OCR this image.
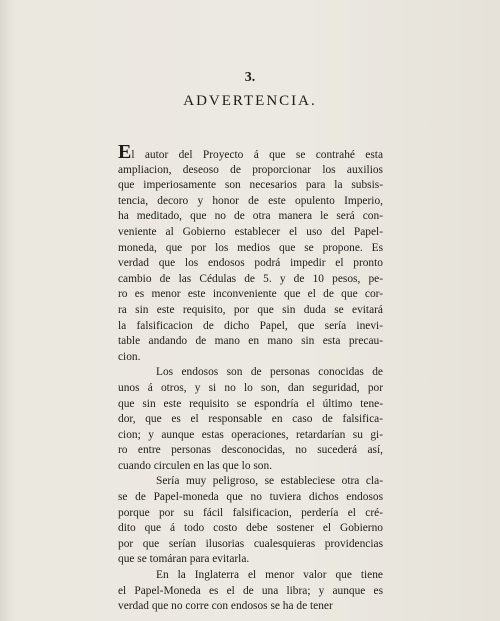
3.
ADVERTENCIA.
El autor del Proyecto á que se contrahé esta
ampliacion, deseoso de proporcionar los auxilios
que imperiosamente son necesarios para la subsis-
tencia, decoro y honor de este opulento Imperio,
ha meditado, que no de otra manera le será con-
veniente al Gobierno establecer el uso del Papel-
moneda, que por los medios que se propone. Es
verdad que los endosos podrá impedir el pronto
cambio de las Cédulas de 5. y de 10 pesos, pe-
ro es menor este inconveniente que el de que cor-
ra sin este requisito, por que sin duda se evitará
la falsificacion de dicho Papel, que sería inevi-
table andando de mano en mano sin esta precau-
cion.
Los endosos son de personas conocidas de
unos á otros, y si no lo son, dan seguridad, por
que sin este requisito se espondría el último tene-
dor, que es el responsable en caso de falsifica-
cion; y aunque estas operaciones, retardarían su gi-
ro entre personas desconocidas, no sucederá así,
cuando circulen en las que lo son.
Sería muy peligroso, se estableciese otra cla-
se de Papel-moneda que no tuviera dichos endosos
porque por su fácil falsificacion, perdería el cré-
dito que á todo costo debe sostener el Gobierno
por que serían ilusorias cualesquieras providencias
que se tomáran para evitarla.
En la Inglaterra el menor valor que tiene
el Papel-Moneda es el de una libra; y aunque es
verdad que no corre con endosos se ha de tener
